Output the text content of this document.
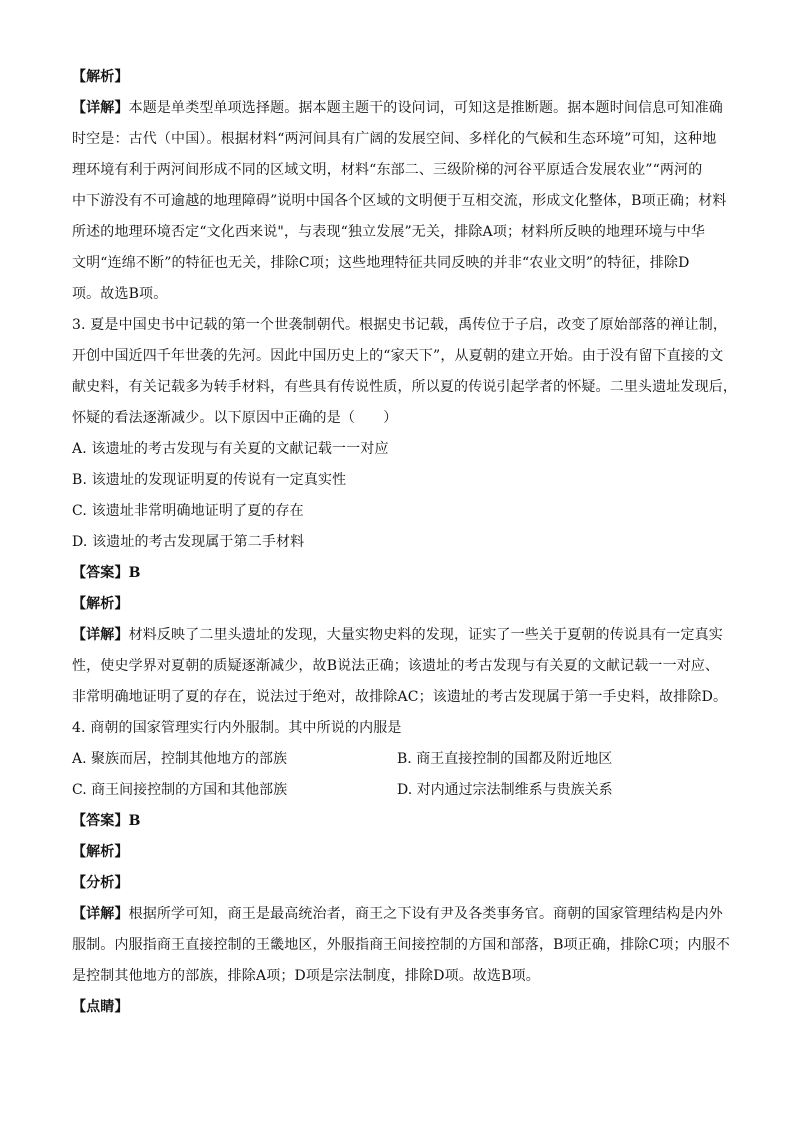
【解析】
【详解】本题是单类型单项选择题。据本题主题干的设问词，可知这是推断题。据本题时间信息可知准确
时空是：古代（中国）。根据材料“两河间具有广阔的发展空间、多样化的气候和生态环境”可知，这种地
理环境有利于两河间形成不同的区域文明，材料“东部二、三级阶梯的河谷平原适合发展农业”“两河的
中下游没有不可逾越的地理障碍”说明中国各个区域的文明便于互相交流，形成文化整体，B项正确；材料
所述的地理环境否定“文化西来说"，与表现“独立发展”无关，排除A项；材料所反映的地理环境与中华
文明“连绵不断”的特征也无关，排除C项；这些地理特征共同反映的并非“农业文明”的特征，排除D
项。故选B项。
3. 夏是中国史书中记载的第一个世袭制朝代。根据史书记载，禹传位于子启，改变了原始部落的禅让制，
开创中国近四千年世袭的先河。因此中国历史上的“家天下”，从夏朝的建立开始。由于没有留下直接的文
献史料，有关记载多为转手材料，有些具有传说性质，所以夏的传说引起学者的怀疑。二里头遗址发现后，
怀疑的看法逐渐减少。以下原因中正确的是（　　）
A. 该遗址的考古发现与有关夏的文献记载一一对应
B. 该遗址的发现证明夏的传说有一定真实性
C. 该遗址非常明确地证明了夏的存在
D. 该遗址的考古发现属于第二手材料
【答案】B
【解析】
【详解】材料反映了二里头遗址的发现，大量实物史料的发现，证实了一些关于夏朝的传说具有一定真实
性，使史学界对夏朝的质疑逐渐减少，故B说法正确；该遗址的考古发现与有关夏的文献记载一一对应、
非常明确地证明了夏的存在，说法过于绝对，故排除AC；该遗址的考古发现属于第一手史料，故排除D。
4. 商朝的国家管理实行内外服制。其中所说的内服是
A. 聚族而居，控制其他地方的部族	B. 商王直接控制的国都及附近地区
C. 商王间接控制的方国和其他部族	D. 对内通过宗法制维系与贵族关系
【答案】B
【解析】
【分析】
【详解】根据所学可知，商王是最高统治者，商王之下设有尹及各类事务官。商朝的国家管理结构是内外
服制。内服指商王直接控制的王畿地区，外服指商王间接控制的方国和部落，B项正确，排除C项；内服不
是控制其他地方的部族，排除A项；D项是宗法制度，排除D项。故选B项。
【点睛】
